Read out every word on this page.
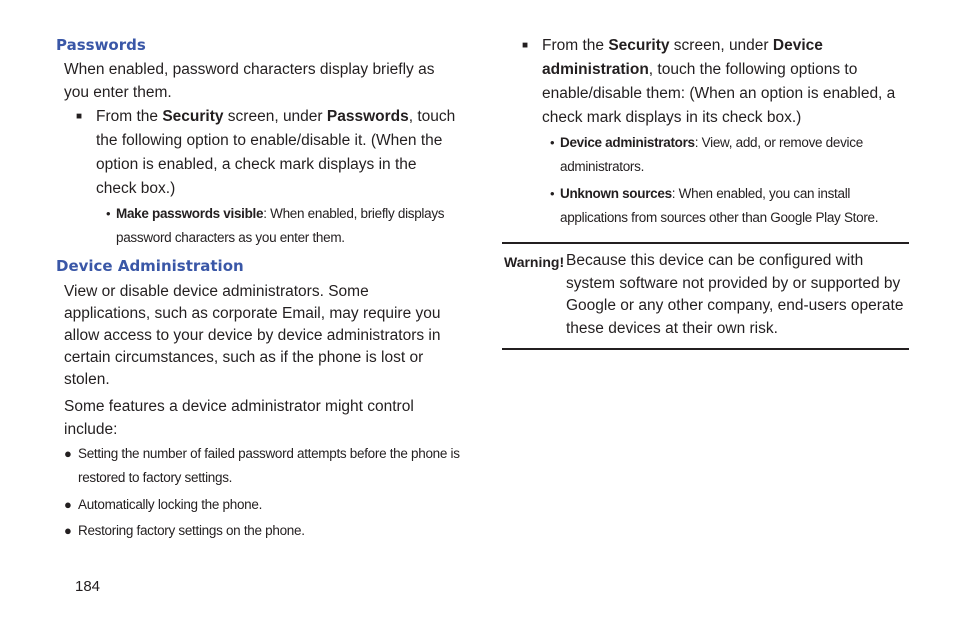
Passwords

When enabled, password characters display briefly as you enter them.

■ From the Security screen, under Passwords, touch the following option to enable/disable it. (When the option is enabled, a check mark displays in the check box.)
• Make passwords visible: When enabled, briefly displays password characters as you enter them.
Device Administration

View or disable device administrators. Some applications, such as corporate Email, may require you allow access to your device by device administrators in certain circumstances, such as if the phone is lost or stolen.

Some features a device administrator might control include:

● Setting the number of failed password attempts before the phone is restored to factory settings.
● Automatically locking the phone.
● Restoring factory settings on the phone.
■ From the Security screen, under Device administration, touch the following options to enable/disable them: (When an option is enabled, a check mark displays in its check box.)
• Device administrators: View, add, or remove device administrators.
• Unknown sources: When enabled, you can install applications from sources other than Google Play Store.
Warning! Because this device can be configured with system software not provided by or supported by Google or any other company, end-users operate these devices at their own risk.
184
